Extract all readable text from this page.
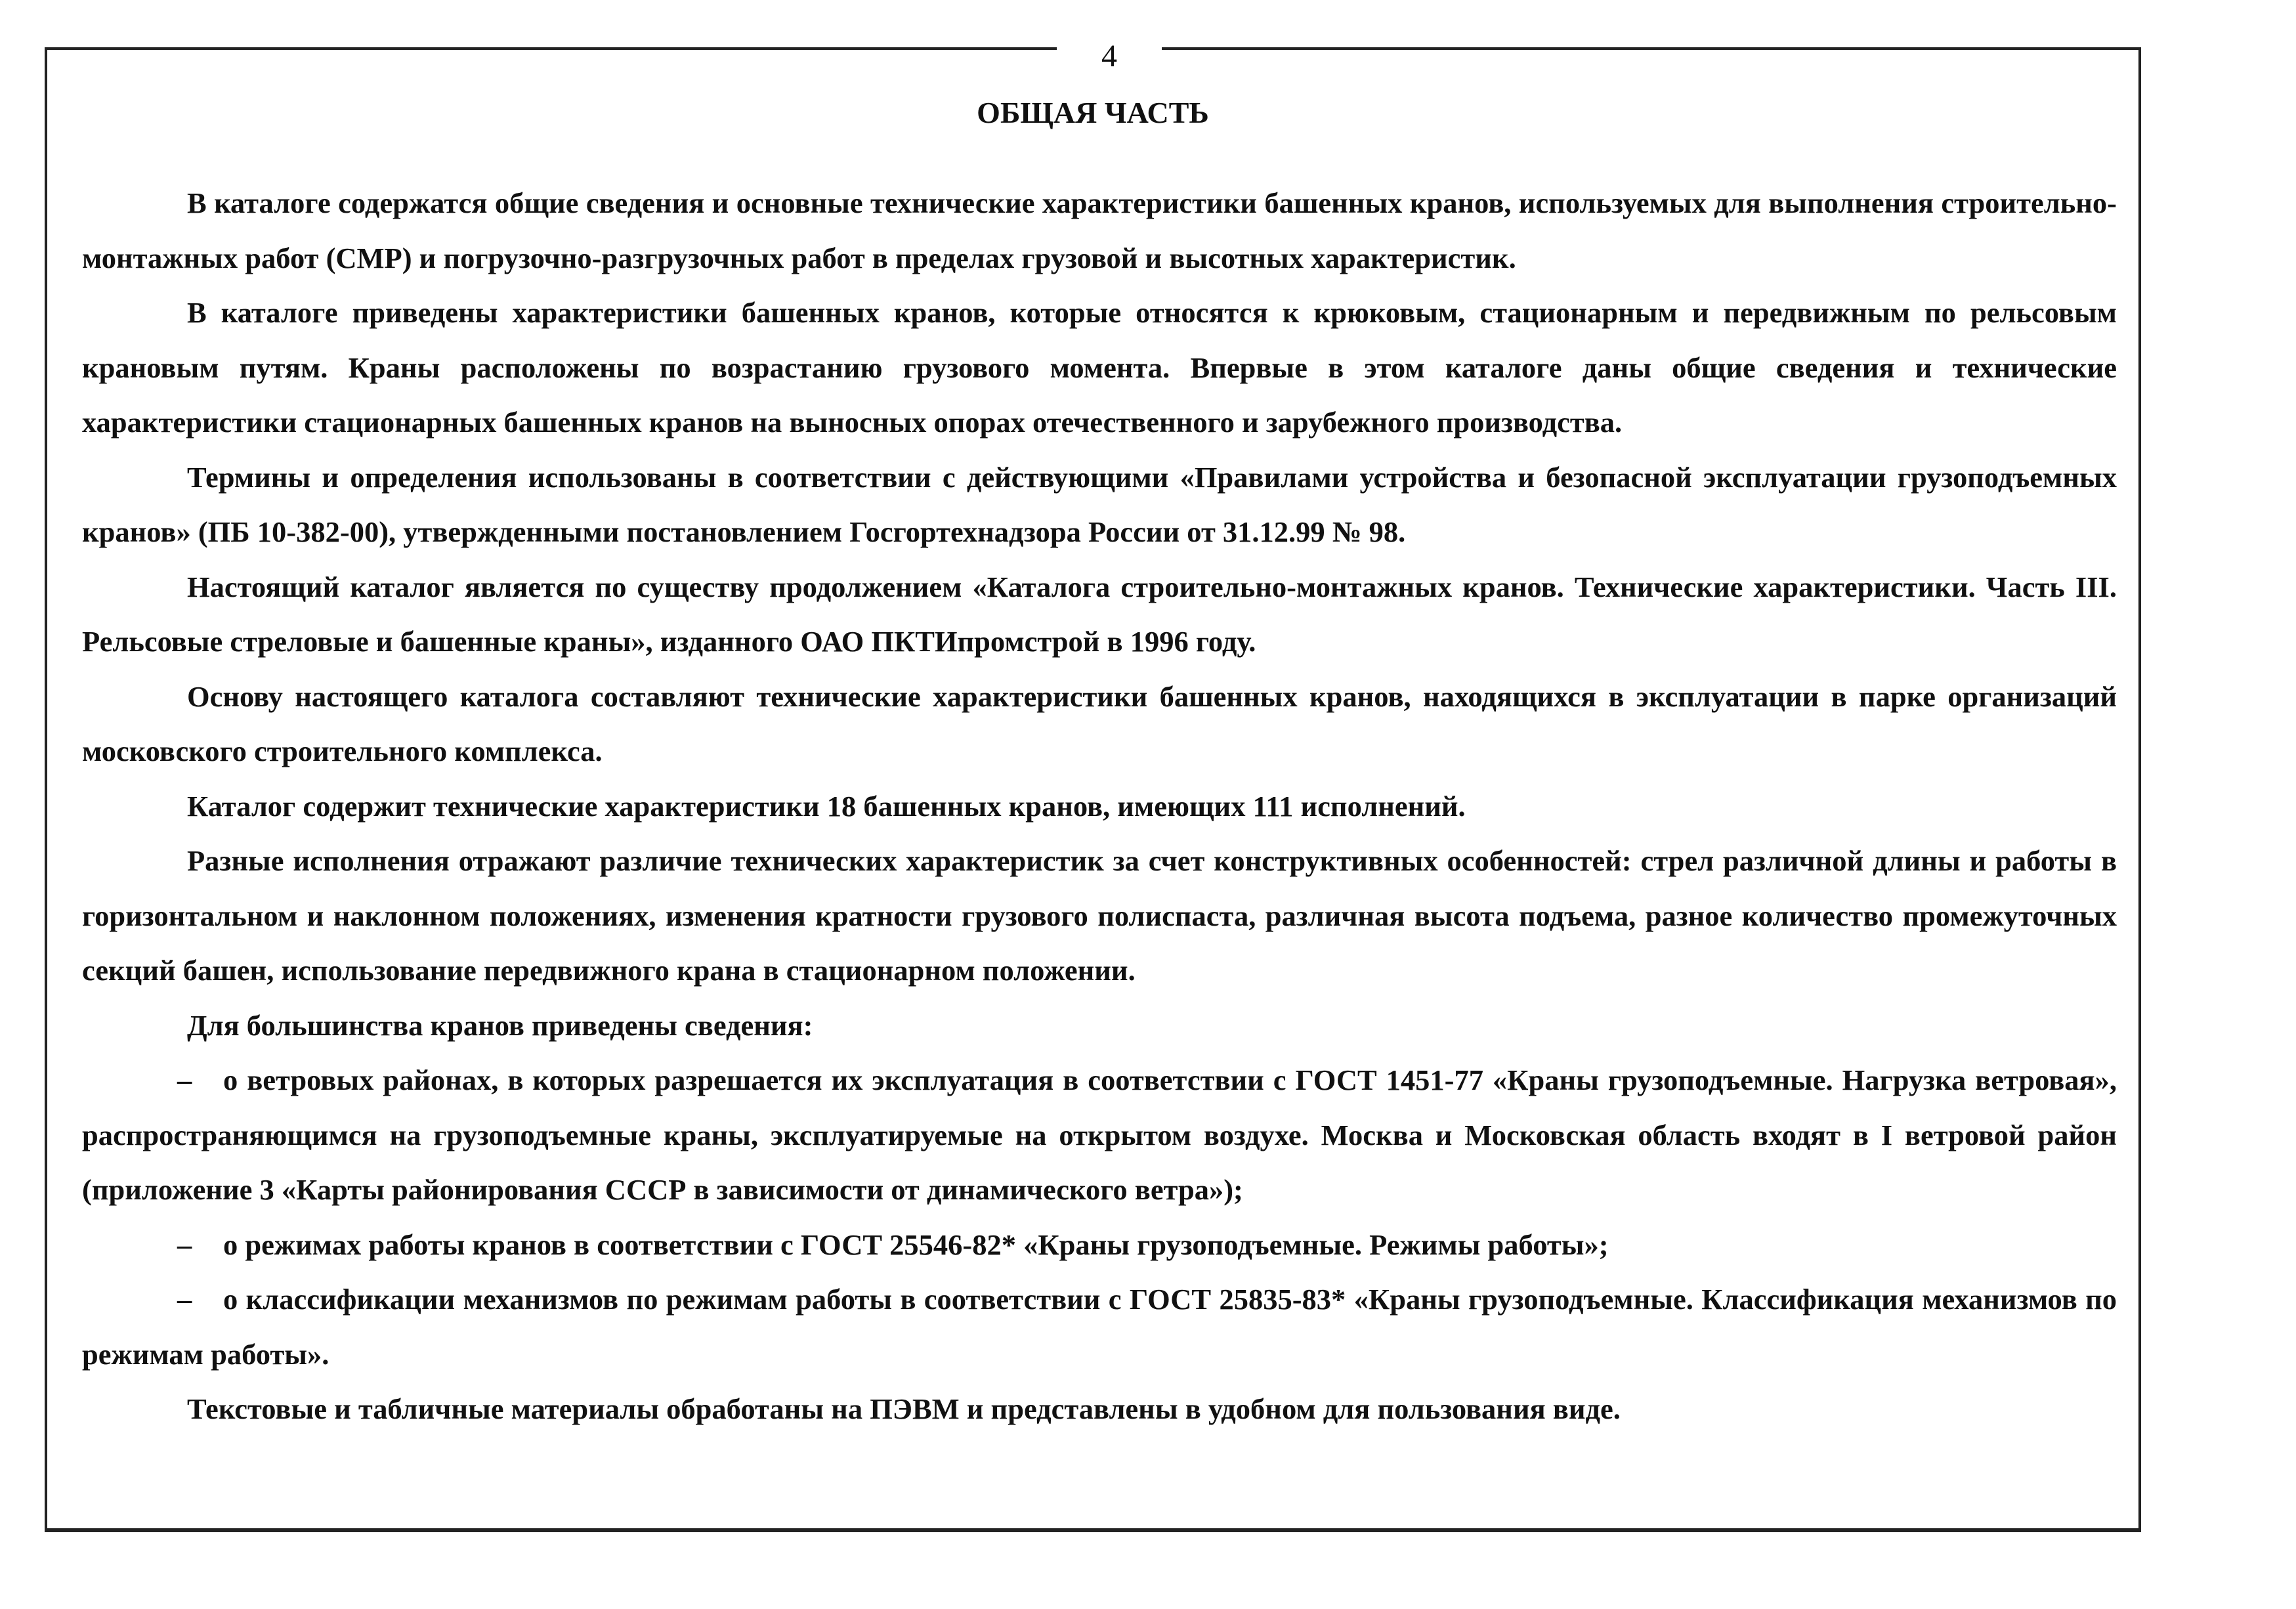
4
ОБЩАЯ ЧАСТЬ

В каталоге содержатся общие сведения и основные технические характеристики башенных кранов, используемых для выполнения строительно-монтажных работ (СМР) и погрузочно-разгрузочных работ в пределах грузовой и высотных характеристик.

В каталоге приведены характеристики башенных кранов, которые относятся к крюковым, стационарным и передвижным по рельсовым крановым путям. Краны расположены по возрастанию грузового момента. Впервые в этом каталоге даны общие сведения и технические характеристики стационарных башенных кранов на выносных опорах отечественного и зарубежного производства.

Термины и определения использованы в соответствии с действующими «Правилами устройства и безопасной эксплуатации грузоподъемных кранов» (ПБ 10-382-00), утвержденными постановлением Госгортехнадзора России от 31.12.99 № 98.

Настоящий каталог является по существу продолжением «Каталога строительно-монтажных кранов. Технические характеристики. Часть III. Рельсовые стреловые и башенные краны», изданного ОАО ПКТИпромстрой в 1996 году.

Основу настоящего каталога составляют технические характеристики башенных кранов, находящихся в эксплуатации в парке организаций московского строительного комплекса.

Каталог содержит технические характеристики 18 башенных кранов, имеющих 111 исполнений.

Разные исполнения отражают различие технических характеристик за счет конструктивных особенностей: стрел различной длины и работы в горизонтальном и наклонном положениях, изменения кратности грузового полиспаста, различная высота подъема, разное количество промежуточных секций башен, использование передвижного крана в стационарном положении.

Для большинства кранов приведены сведения:

– о ветровых районах, в которых разрешается их эксплуатация в соответствии с ГОСТ 1451-77 «Краны грузоподъемные. Нагрузка ветровая», распространяющимся на грузоподъемные краны, эксплуатируемые на открытом воздухе. Москва и Московская область входят в I ветровой район (приложение 3 «Карты районирования СССР в зависимости от динамического ветра»);

– о режимах работы кранов в соответствии с ГОСТ 25546-82* «Краны грузоподъемные. Режимы работы»;

– о классификации механизмов по режимам работы в соответствии с ГОСТ 25835-83* «Краны грузоподъемные. Классификация механизмов по режимам работы».

Текстовые и табличные материалы обработаны на ПЭВМ и представлены в удобном для пользования виде.
